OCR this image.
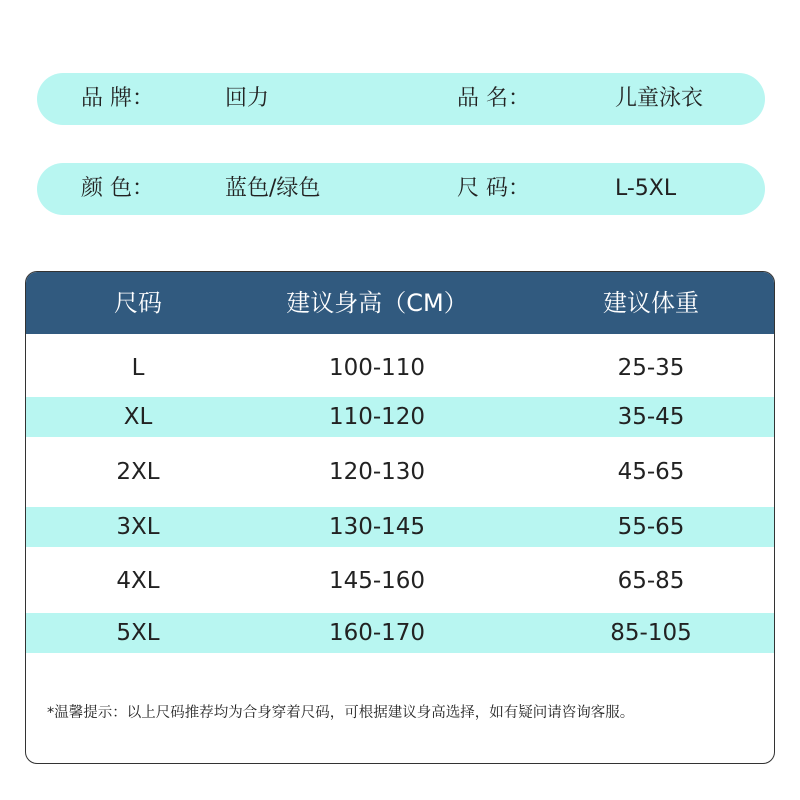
品 牌：	回力	品 名：	儿童泳衣
颜 色：	蓝色/绿色	尺 码：	L-5XL
尺码	建议身高（CM）	建议体重
L	100-110	25-35
XL	110-120	35-45
2XL	120-130	45-65
3XL	130-145	55-65
4XL	145-160	65-85
5XL	160-170	85-105
*温馨提示：以上尺码推荐均为合身穿着尺码，可根据建议身高选择，如有疑问请咨询客服。
